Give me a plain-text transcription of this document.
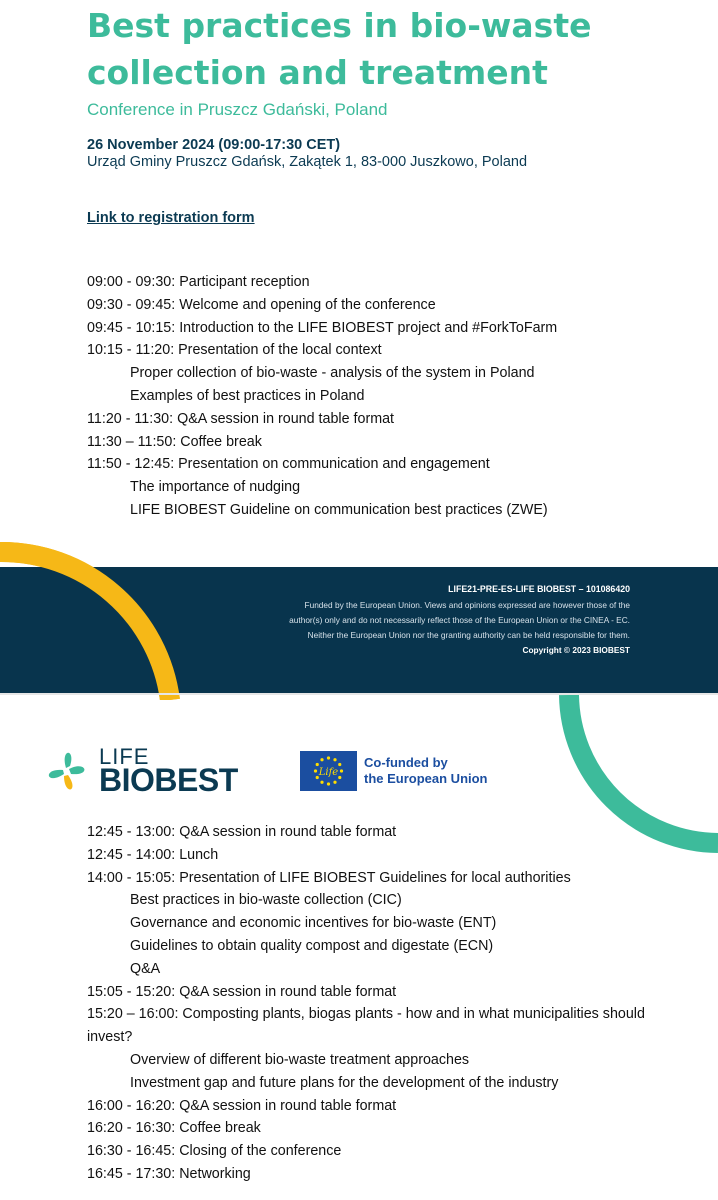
Best practices in bio-waste collection and treatment

Conference in Pruszcz Gdański, Poland

26 November 2024 (09:00-17:30 CET)
Urząd Gminy Pruszcz Gdańsk, Zakątek 1, 83-000 Juszkowo, Poland
Link to registration form

09:00 - 09:30: Participant reception

09:30 - 09:45: Welcome and opening of the conference

09:45 - 10:15: Introduction to the LIFE BIOBEST project and #ForkToFarm

10:15 - 11:20: Presentation of the local context

Proper collection of bio-waste - analysis of the system in Poland

Examples of best practices in Poland

11:20 - 11:30: Q&A session in round table format

11:30 – 11:50: Coffee break

11:50 - 12:45: Presentation on communication and engagement

The importance of nudging

LIFE BIOBEST Guideline on communication best practices (ZWE)

LIFE21-PRE-ES-LIFE BIOBEST – 101086420
Funded by the European Union. Views and opinions expressed are however those of the
author(s) only and do not necessarily reflect those of the European Union or the CINEA - EC.
Neither the European Union nor the granting authority can be held responsible for them.
Copyright © 2023 BIOBEST
LIFE
BIOBEST	Life
Co-funded by
the European Union

12:45 - 13:00: Q&A session in round table format

12:45 - 14:00: Lunch

14:00 - 15:05: Presentation of LIFE BIOBEST Guidelines for local authorities

Best practices in bio-waste collection (CIC)

Governance and economic incentives for bio-waste (ENT)

Guidelines to obtain quality compost and digestate (ECN)

Q&A

15:05 - 15:20: Q&A session in round table format

15:20 – 16:00: Composting plants, biogas plants - how and in what municipalities should invest?

Overview of different bio-waste treatment approaches

Investment gap and future plans for the development of the industry

16:00 - 16:20: Q&A session in round table format

16:20 - 16:30: Coffee break

16:30 - 16:45: Closing of the conference

16:45 - 17:30: Networking
